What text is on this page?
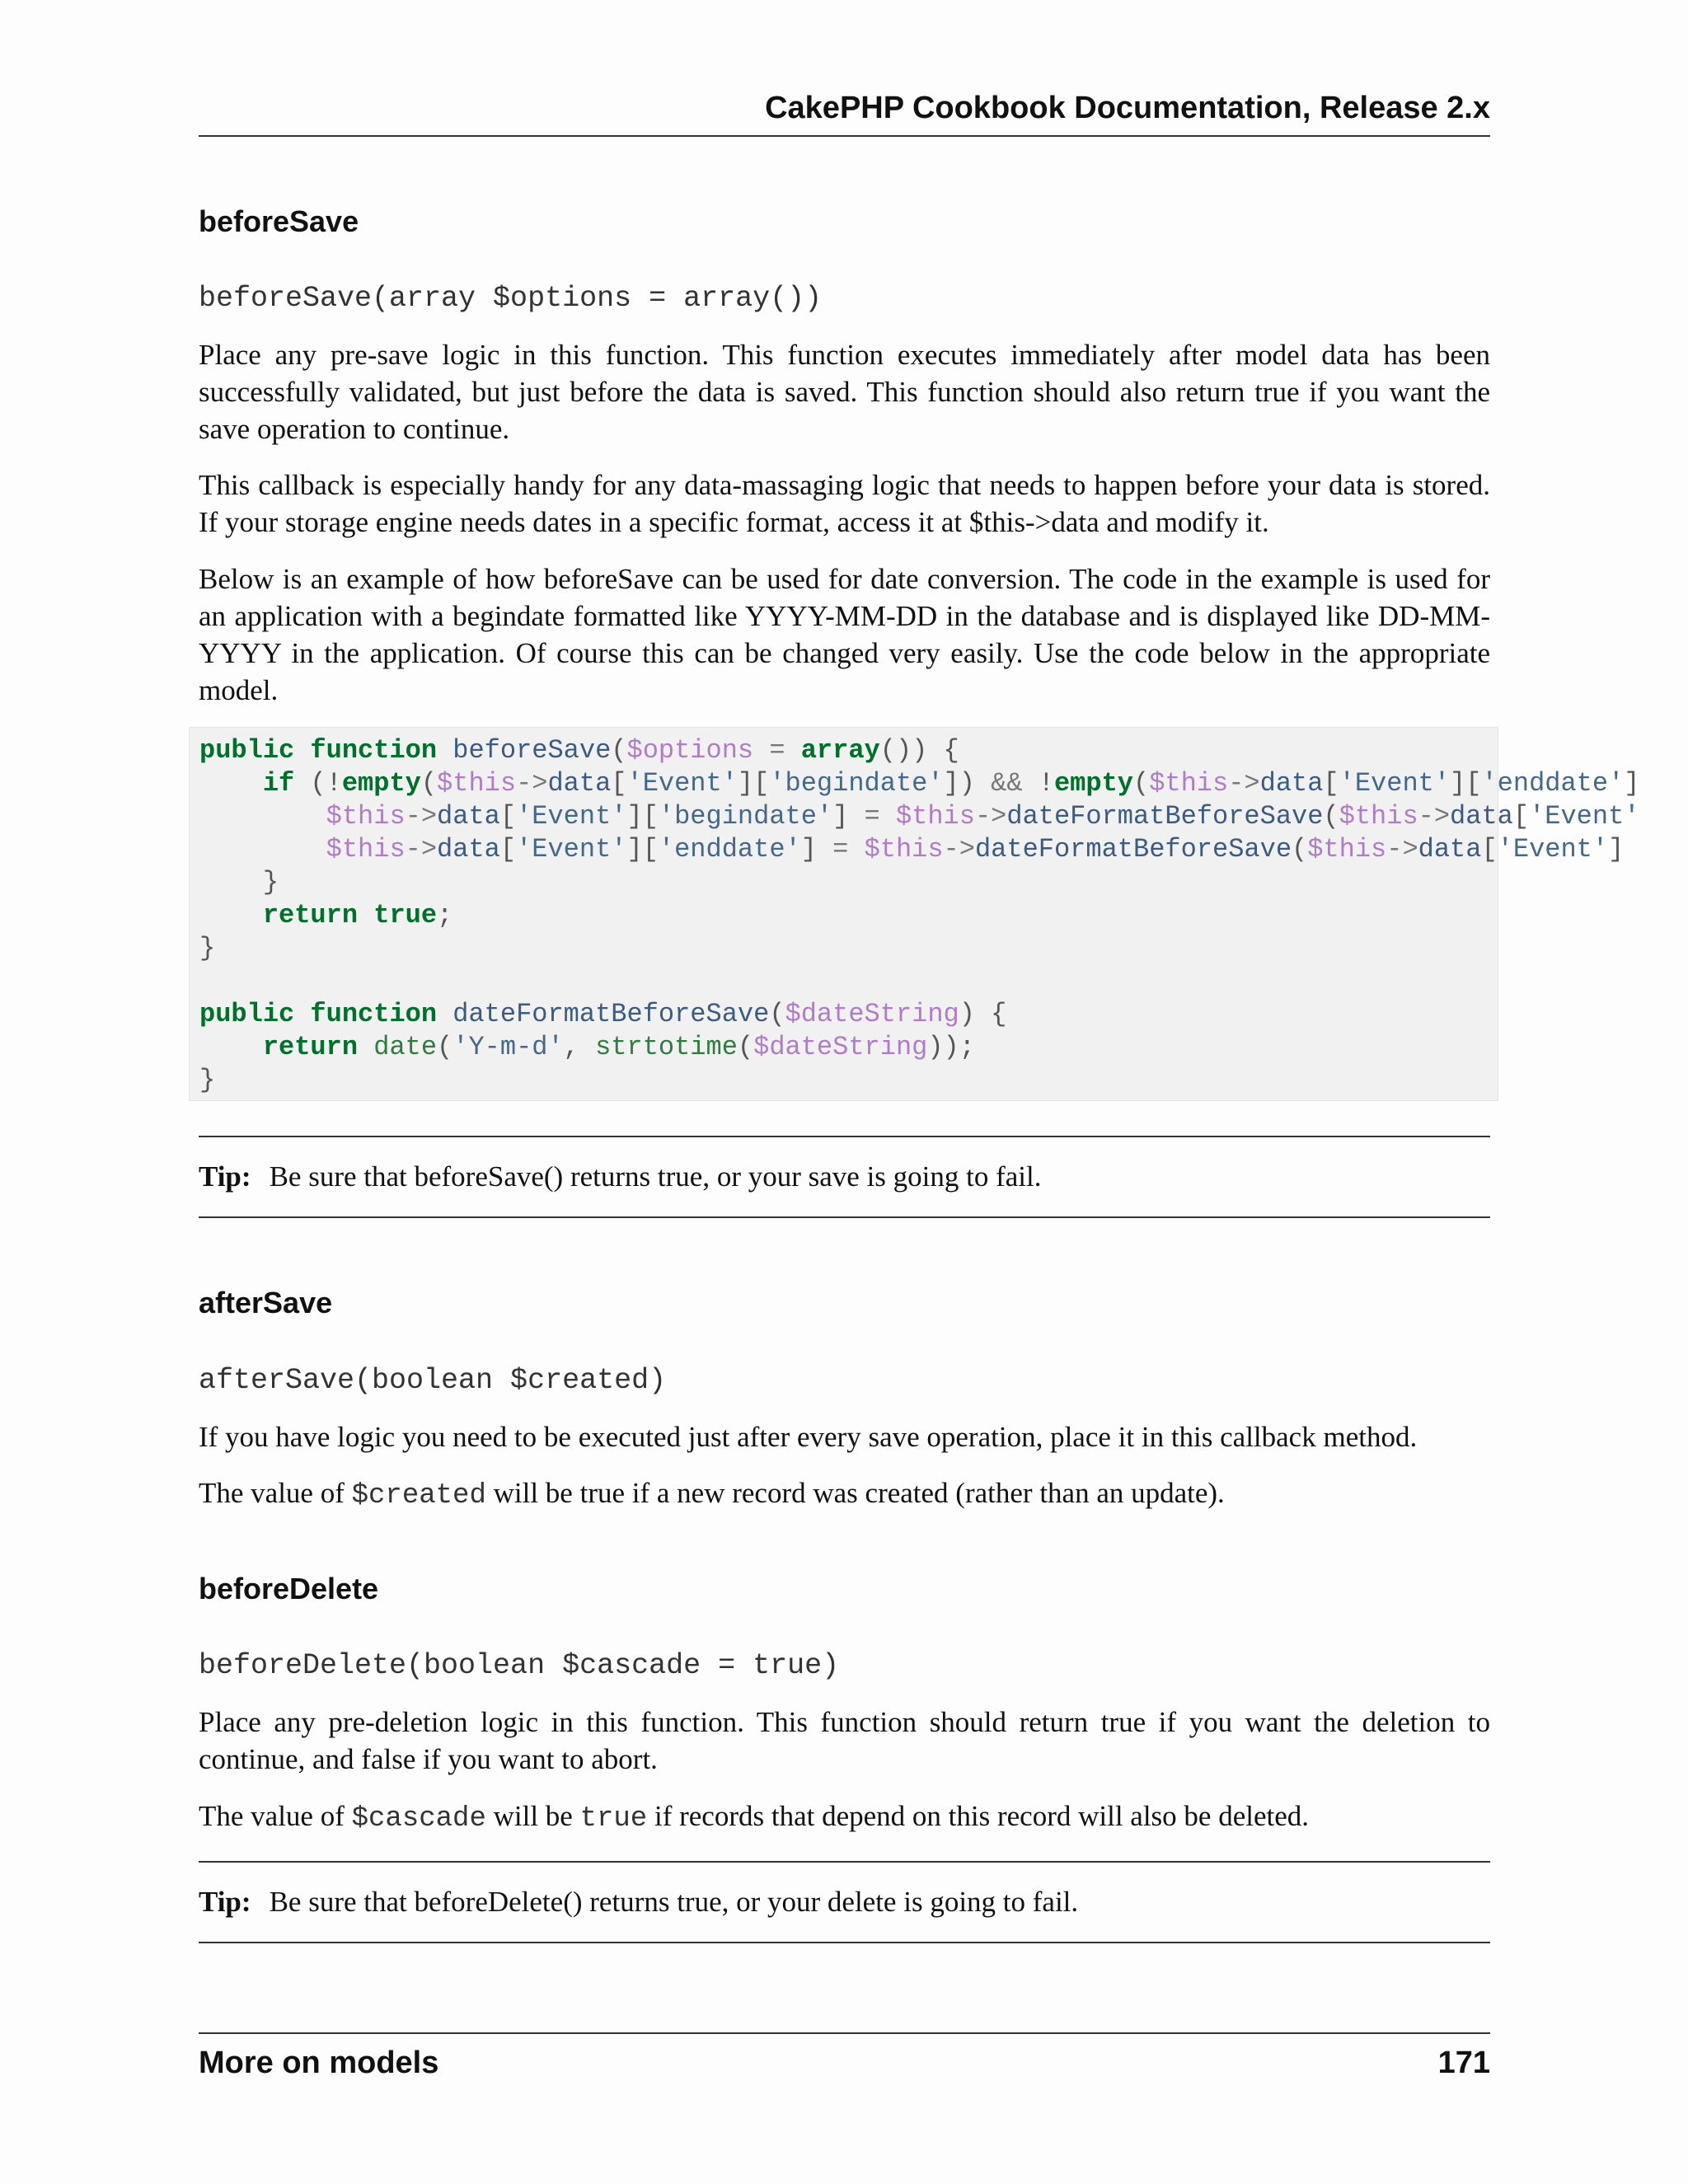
CakePHP Cookbook Documentation, Release 2.x
beforeSave
beforeSave(array $options = array())
Place any pre-save logic in this function. This function executes immediately after model data has been successfully validated, but just before the data is saved. This function should also return true if you want the save operation to continue.
This callback is especially handy for any data-massaging logic that needs to happen before your data is stored. If your storage engine needs dates in a specific format, access it at $this->data and modify it.
Below is an example of how beforeSave can be used for date conversion. The code in the example is used for an application with a begindate formatted like YYYY-MM-DD in the database and is displayed like DD-MM-YYYY in the application. Of course this can be changed very easily. Use the code below in the appropriate model.
public function beforeSave($options = array()) {
if (!empty($this->data['Event']['begindate']) && !empty($this->data['Event']['enddate']
$this->data['Event']['begindate'] = $this->dateFormatBeforeSave($this->data['Event'
$this->data['Event']['enddate'] = $this->dateFormatBeforeSave($this->data['Event']
}
return true;
}

public function dateFormatBeforeSave($dateString) {
return date('Y-m-d', strtotime($dateString));
}
Tip: Be sure that beforeSave() returns true, or your save is going to fail.
afterSave
afterSave(boolean $created)
If you have logic you need to be executed just after every save operation, place it in this callback method.
The value of $created will be true if a new record was created (rather than an update).
beforeDelete
beforeDelete(boolean $cascade = true)
Place any pre-deletion logic in this function. This function should return true if you want the deletion to continue, and false if you want to abort.
The value of $cascade will be true if records that depend on this record will also be deleted.
Tip: Be sure that beforeDelete() returns true, or your delete is going to fail.
More on models	171
